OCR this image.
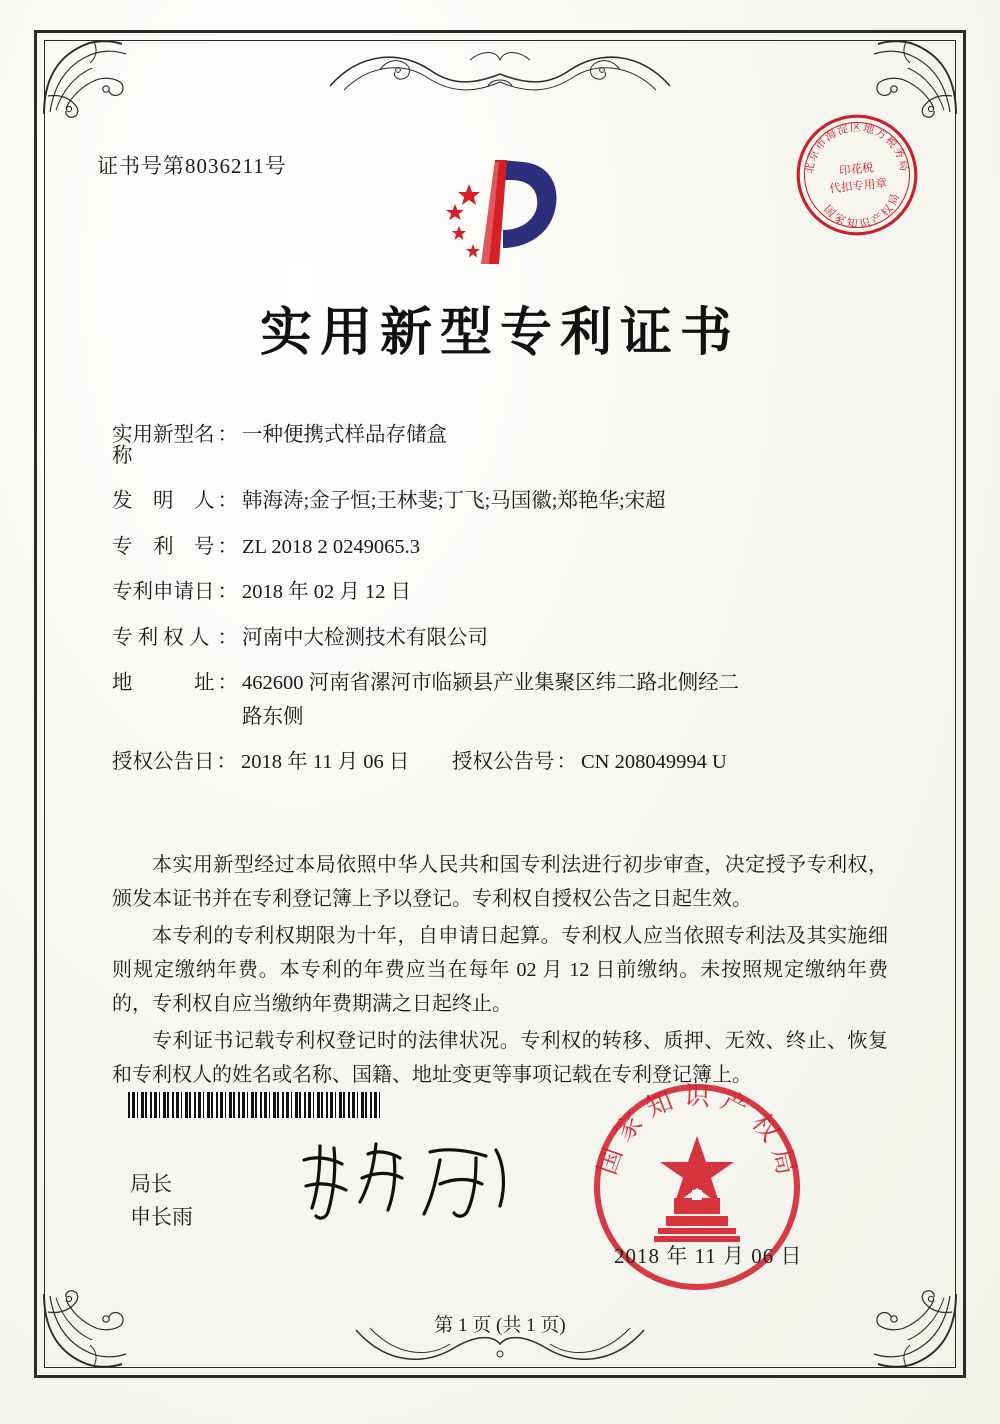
证书号第8036211号	北京市海淀区地方税务局
印花税
代扣专用章
国家知识产权局
实用新型专利证书
实用新型名称
： 一种便携式样品存储盒
发　明　人 ： 韩海涛;金子恒;王林斐;丁飞;马国徽;郑艳华;宋超
专　利　号 ： ZL 2018 2 0249065.3
专利申请日 ： 2018 年 02 月 12 日
专 利 权 人 ： 河南中大检测技术有限公司
地　　　址 ： 462600 河南省漯河市临颍县产业集聚区纬二路北侧经二
路东侧
授权公告日 ： 2018 年 11 月 06 日 授权公告号 ： CN 208049994 U

本实用新型经过本局依照中华人民共和国专利法进行初步审查，决定授予专利权，颁发本证书并在专利登记簿上予以登记。专利权自授权公告之日起生效。

本专利的专利权期限为十年，自申请日起算。专利权人应当依照专利法及其实施细则规定缴纳年费。本专利的年费应当在每年 02 月 12 日前缴纳。未按照规定缴纳年费的，专利权自应当缴纳年费期满之日起终止。

专利证书记载专利权登记时的法律状况。专利权的转移、质押、无效、终止、恢复和专利权人的姓名或名称、国籍、地址变更等事项记载在专利登记簿上。

局长
申长雨
国家知识产权局
2018 年 11 月 06 日
第 1 页 (共 1 页)
